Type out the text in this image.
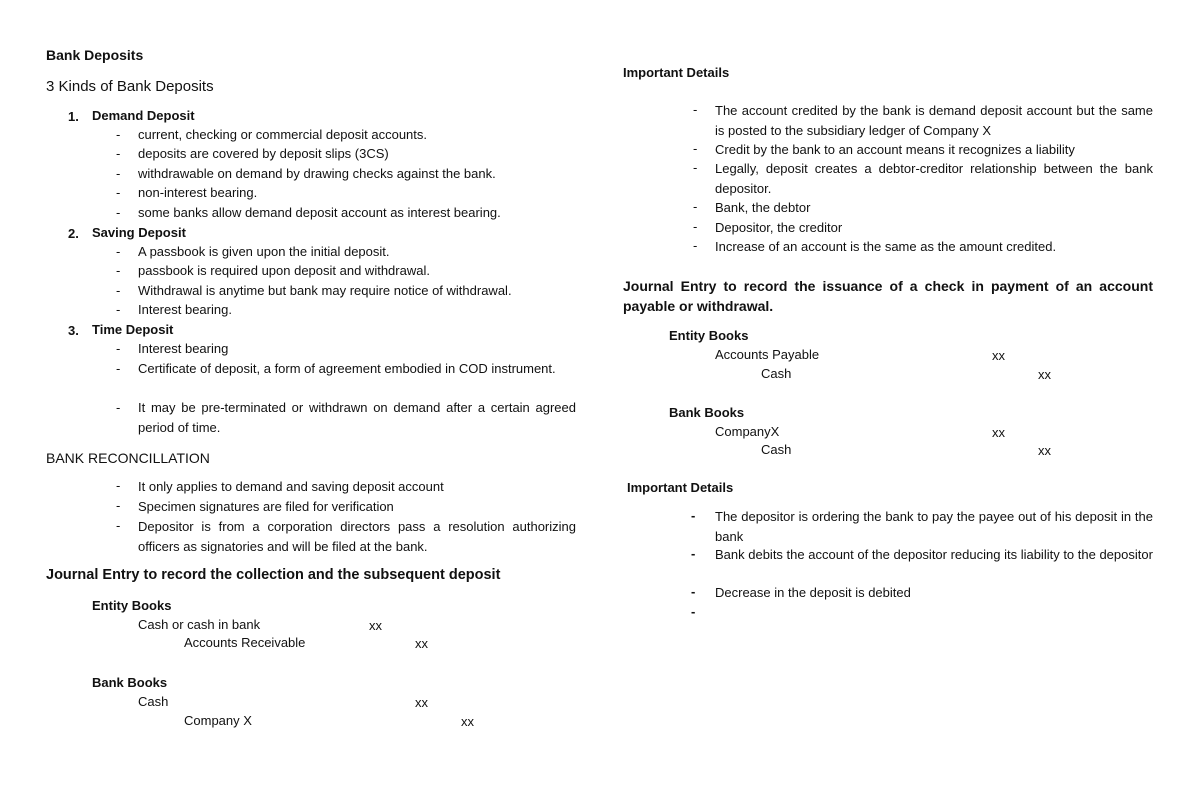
Bank Deposits
3 Kinds of Bank Deposits
1. Demand Deposit
- current, checking or commercial deposit accounts.
- deposits are covered by deposit slips (3CS)
- withdrawable on demand by drawing checks against the bank.
- non-interest bearing.
- some banks allow demand deposit account as interest bearing.
2. Saving Deposit
- A passbook is given upon the initial deposit.
- passbook is required upon deposit and withdrawal.
- Withdrawal is anytime but bank may require notice of withdrawal.
- Interest bearing.
3. Time Deposit
- Interest bearing
- Certificate of deposit, a form of agreement embodied in COD instrument.
- It may be pre-terminated or withdrawn on demand after a certain agreed period of time.
BANK RECONCILLATION
- It only applies to demand and saving deposit account
- Specimen signatures are filed for verification
- Depositor is from a corporation directors pass a resolution authorizing officers as signatories and will be filed at the bank.
Journal Entry to record the collection and the subsequent deposit
Entity Books
Cash or cash in bank	xx
Accounts Receivable	xx
Bank Books
Cash	xx
Company X	xx
Important Details
- The account credited by the bank is demand deposit account but the same is posted to the subsidiary ledger of Company X
- Credit by the bank to an account means it recognizes a liability
- Legally, deposit creates a debtor-creditor relationship between the bank depositor.
- Bank, the debtor
- Depositor, the creditor
- Increase of an account is the same as the amount credited.
Journal Entry to record the issuance of a check in payment of an account payable or withdrawal.
Entity Books
Accounts Payable	xx
Cash	xx
Bank Books
CompanyX	xx
Cash	xx
Important Details
- The depositor is ordering the bank to pay the payee out of his deposit in the bank
- Bank debits the account of the depositor reducing its liability to the depositor
- Decrease in the deposit is debited
-
